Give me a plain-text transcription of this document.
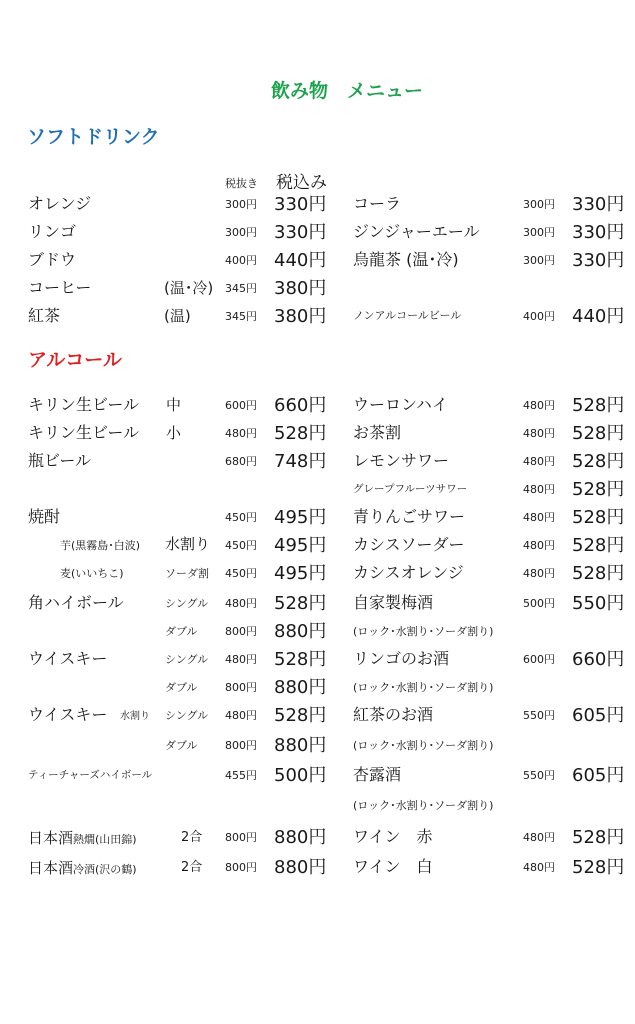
飲み物　メニュー
ソフトドリンク
税抜き 税込み
オレンジ	300円 330円
リンゴ	300円 330円
ブドウ	400円 440円
コーヒー	(温･冷) 345円 380円
紅茶	(温)	345円 380円
コーラ	300円 330円
ジンジャーエール	300円 330円
烏龍茶 (温･冷)	300円 330円
ノンアルコールビール	400円 440円
アルコール
キリン生ビール 中	600円 660円
キリン生ビール 小	480円 528円
瓶ビール	680円 748円
焼酎	450円 495円
芋(黒霧島･白波) 水割り 450円 495円
麦(いいちこ)	ソーダ割 450円 495円
角ハイボール	シングル 480円 528円
ダブル 800円 880円
ウイスキー	シングル 480円 528円
ダブル 800円 880円
ウイスキー 水割り シングル 480円 528円
ダブル 800円 880円
ティーチャーズハイボール	455円 500円
日本酒熱燗(山田錦)	2合 800円 880円
日本酒冷酒(沢の鶴)	2合 800円 880円
ウーロンハイ	480円 528円
お茶割	480円 528円
レモンサワー	480円 528円
グレープフルーツサワー	480円 528円
青りんごサワー	480円 528円
カシスソーダー	480円 528円
カシスオレンジ	480円 528円
自家製梅酒	500円 550円
(ロック･水割り･ソーダ割り)
リンゴのお酒	600円 660円
(ロック･水割り･ソーダ割り)
紅茶のお酒	550円 605円
(ロック･水割り･ソーダ割り)
杏露酒	550円 605円
(ロック･水割り･ソーダ割り)
ワイン　赤	480円 528円
ワイン　白	480円 528円
